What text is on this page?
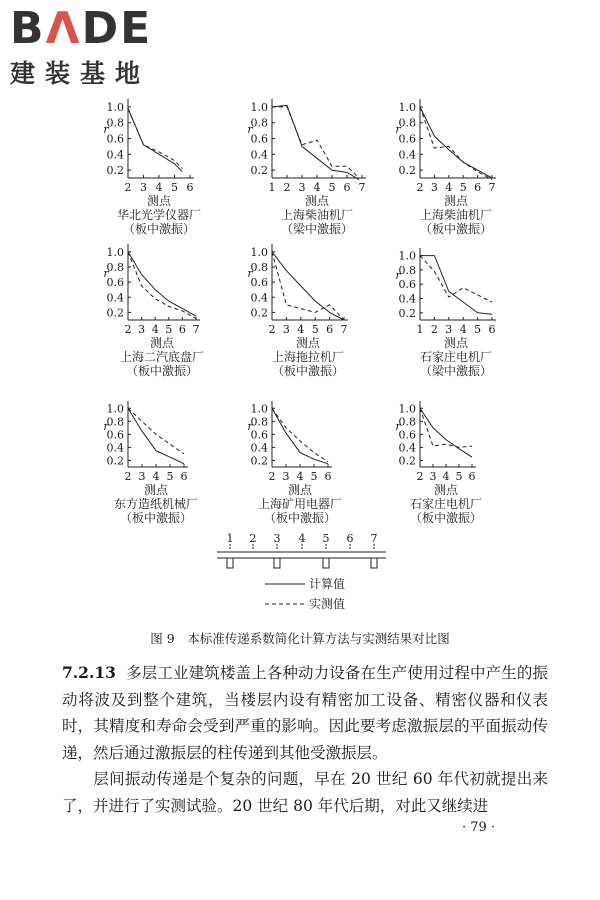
BΛDE
建装基地
0.2
0.4
0.6
0.8
1.0
2 3 4 5 6
r
测点
华北光学仪器厂
（板中激振）
0.2
0.4
0.6
0.8
1.0
1 2 3 4 5 6 7
r
测点
上海柴油机厂
（梁中激振）
0.2
0.4
0.6
0.8
1.0
2 3 4 5 6 7
r
测点
上海柴油机厂
（板中激振）
0.2
0.4
0.6
0.8
1.0
2 3 4 5 6 7
r
测点
上海二汽底盘厂
（板中激振）
0.2
0.4
0.6
0.8
1.0
2 3 4 5 6 7
r
测点
上海拖拉机厂
（板中激振）
0.2
0.4
0.6
0.8
1.0
1 2 3 4 5 6
r
测点
石家庄电机厂
（梁中激振）
0.2
0.4
0.6
0.8
1.0
2 3 4 5 6
r
测点
东方造纸机械厂
（板中激振）
0.2
0.4
0.6
0.8
1.0
2 3 4 5 6
r
测点
上海矿用电器厂
（板中激振）
0.2
0.4
0.6
0.8
1.0
2 3 4 5 6
r
测点
石家庄电机厂
（板中激振）
1 2 3 4 5 6 7
计算值
实测值
图 9　本标准传递系数简化计算方法与实测结果对比图
7.2.13 多层工业建筑楼盖上各种动力设备在生产使用过程中产生的振动将波及到整个建筑，当楼层内设有精密加工设备、精密仪器和仪表时，其精度和寿命会受到严重的影响。因此要考虑激振层的平面振动传递，然后通过激振层的柱传递到其他受激振层。
层间振动传递是个复杂的问题，早在 20 世纪 60 年代初就提出来了，并进行了实测试验。20 世纪 80 年代后期，对此又继续进
· 79 ·
